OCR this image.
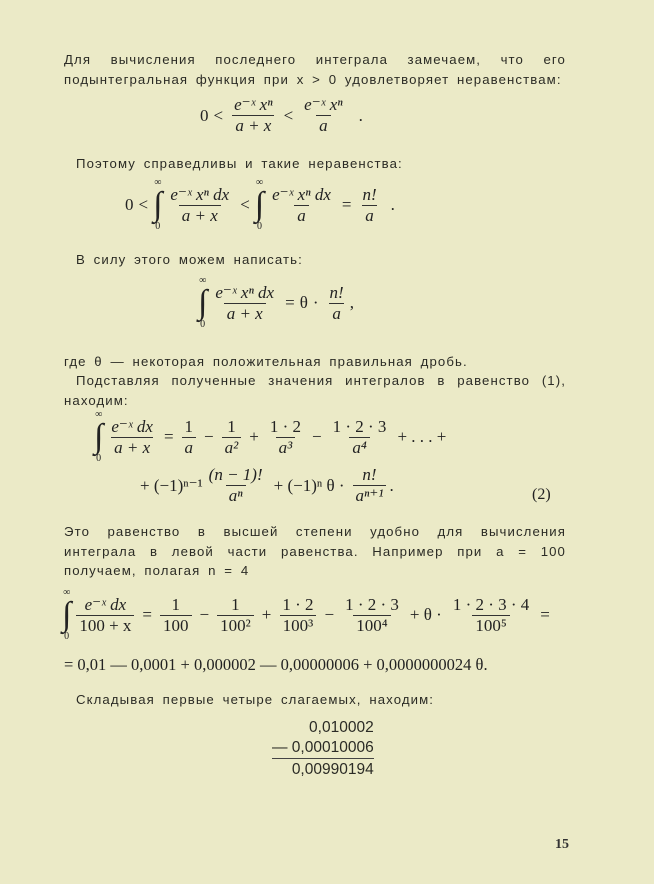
Для вычисления последнего интеграла замечаем, что его подынтегральная функция при x > 0 удовлетворяет неравенствам:
$0 < \frac{\text{e⁻ˣ xⁿ}}{a + x} < \frac{\text{e⁻ˣ xⁿ}}{a}$ .
Поэтому справедливы и такие неравенства:
0 <
∞
∫
0
$\frac{\text{e⁻ˣ xⁿ dx}}{a + x}$ <
∞
∫
0
$\frac{\text{e⁻ˣ xⁿ dx}}{a} = \frac{n!}{a}$ .
В силу этого можем написать:
∞
∫
0
$\frac{\text{e⁻ˣ xⁿ dx}}{a + x} = \theta \cdot \frac{n!}{a}$ ,
где θ — некоторая положительная правильная дробь.
Подставляя полученные значения интегралов в равенство (1), находим:
∞
∫
0
$\frac{\text{e⁻ˣ dx}}{a + x} = \frac{1}{a} - \frac{1}{\text{a²}} + \frac{1 \cdot 2}{\text{a³}} - \frac{1 \cdot 2 \cdot 3}{\text{a⁴}}$ + . . . +
+ $(-1)^{n-1} \frac{(n - 1)!}{\text{aⁿ}} + (-1)^n$ $\theta \cdot \frac{n!}{\text{aⁿ⁺¹}}$ .	(2)
Это равенство в высшей степени удобно для вычисления интеграла в левой части равенства. Например при a = 100 получаем, полагая n = 4
∞
∫
0
$\frac{\text{e⁻ˣ dx}}{100 + x} = \frac{1}{100} - \frac{1}{\text{100²}} + \frac{1 \cdot 2}{\text{100³}} - \frac{1 \cdot 2 \cdot 3}{\text{100⁴}} + \theta \cdot \frac{1 \cdot 2 \cdot 3 \cdot 4}{\text{100⁵}}$ =
= 0,01 — 0,0001 + 0,000002 — 0,00000006 + 0,0000000024 θ.
Складывая первые четыре слагаемых, находим:
0,010002
— 0,00010006
0,00990194
15
